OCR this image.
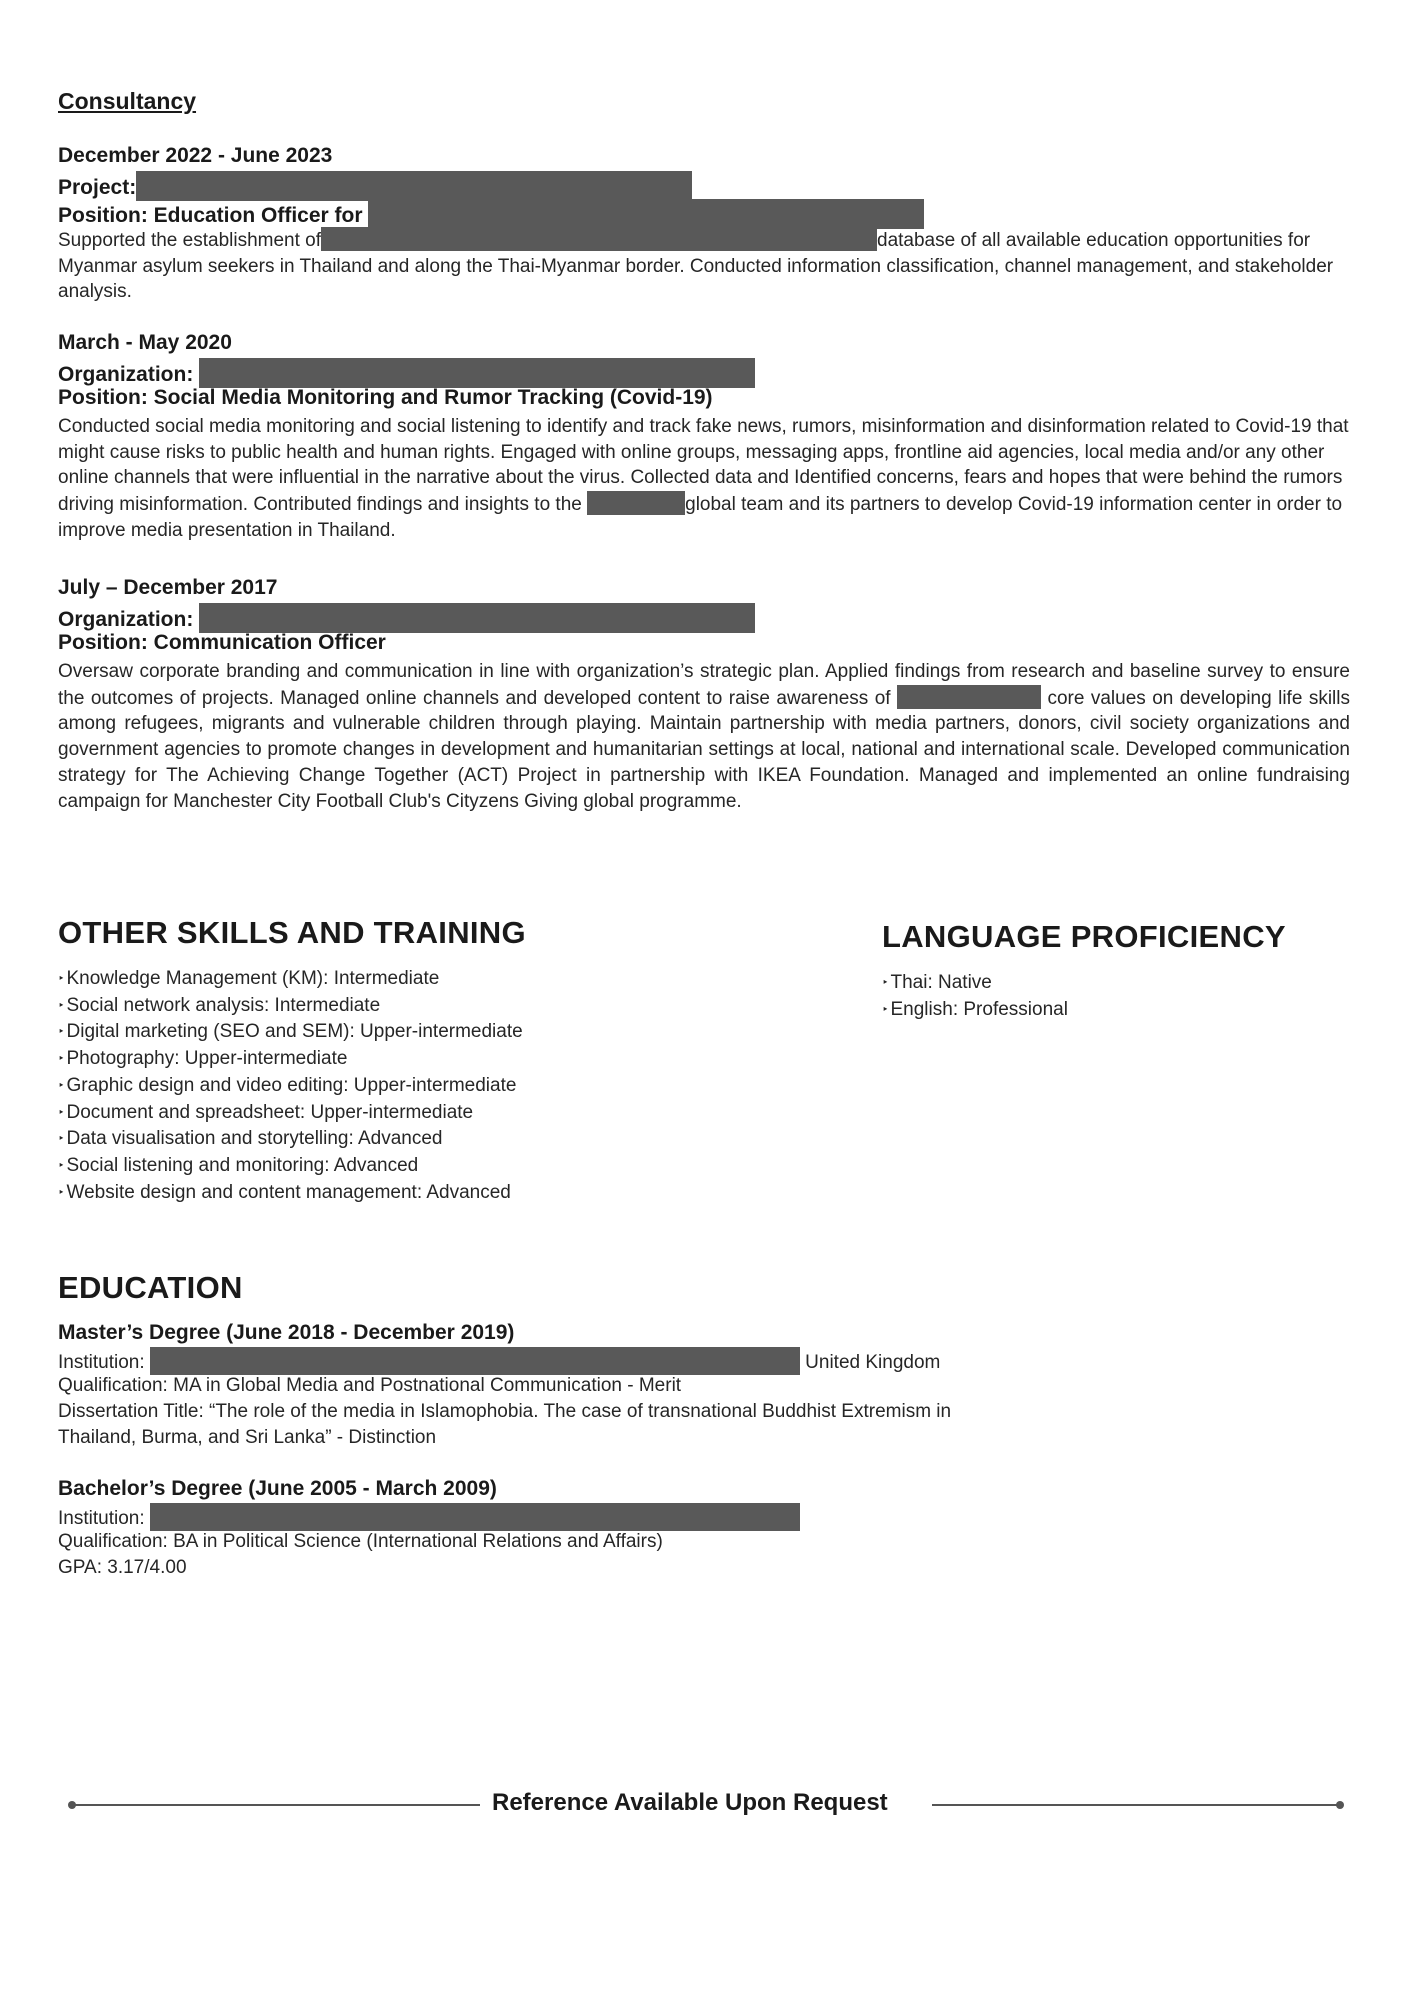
Consultancy
December 2022 - June 2023
Project:
Position: Education Officer for
Supported the establishment of	database of all available education opportunities for Myanmar asylum seekers in Thailand and along the Thai-Myanmar border. Conducted information classification, channel management, and stakeholder analysis.
March - May 2020
Organization:
Position: Social Media Monitoring and Rumor Tracking (Covid-19)
Conducted social media monitoring and social listening to identify and track fake news, rumors, misinformation and disinformation related to Covid-19 that might cause risks to public health and human rights. Engaged with online groups, messaging apps, frontline aid agencies, local media and/or any other online channels that were influential in the narrative about the virus. Collected data and Identified concerns, fears and hopes that were behind the rumors driving misinformation. Contributed findings and insights to the	global team and its partners to develop Covid-19 information center in order to improve media presentation in Thailand.
July – December 2017
Organization:
Position: Communication Officer
Oversaw corporate branding and communication in line with organization’s strategic plan. Applied findings from research and baseline survey to ensure the outcomes of projects. Managed online channels and developed content to raise awareness of	core values on developing life skills among refugees, migrants and vulnerable children through playing. Maintain partnership with media partners, donors, civil society organizations and government agencies to promote changes in development and humanitarian settings at local, national and international scale. Developed communication strategy for The Achieving Change Together (ACT) Project in partnership with IKEA Foundation. Managed and implemented an online fundraising campaign for Manchester City Football Club's Cityzens Giving global programme.
OTHER SKILLS AND TRAINING
‣ Knowledge Management (KM): Intermediate
‣ Social network analysis: Intermediate
‣ Digital marketing (SEO and SEM): Upper-intermediate
‣ Photography: Upper-intermediate
‣ Graphic design and video editing: Upper-intermediate
‣ Document and spreadsheet: Upper-intermediate
‣ Data visualisation and storytelling: Advanced
‣ Social listening and monitoring: Advanced
‣ Website design and content management: Advanced
LANGUAGE PROFICIENCY
‣ Thai: Native
‣ English: Professional
EDUCATION
Master’s Degree (June 2018 - December 2019)
Institution:	United Kingdom
Qualification: MA in Global Media and Postnational Communication - Merit
Dissertation Title: “The role of the media in Islamophobia. The case of transnational Buddhist Extremism in Thailand, Burma, and Sri Lanka” - Distinction
Bachelor’s Degree (June 2005 - March 2009)
Institution:
Qualification: BA in Political Science (International Relations and Affairs)
GPA: 3.17/4.00
Reference Available Upon Request
